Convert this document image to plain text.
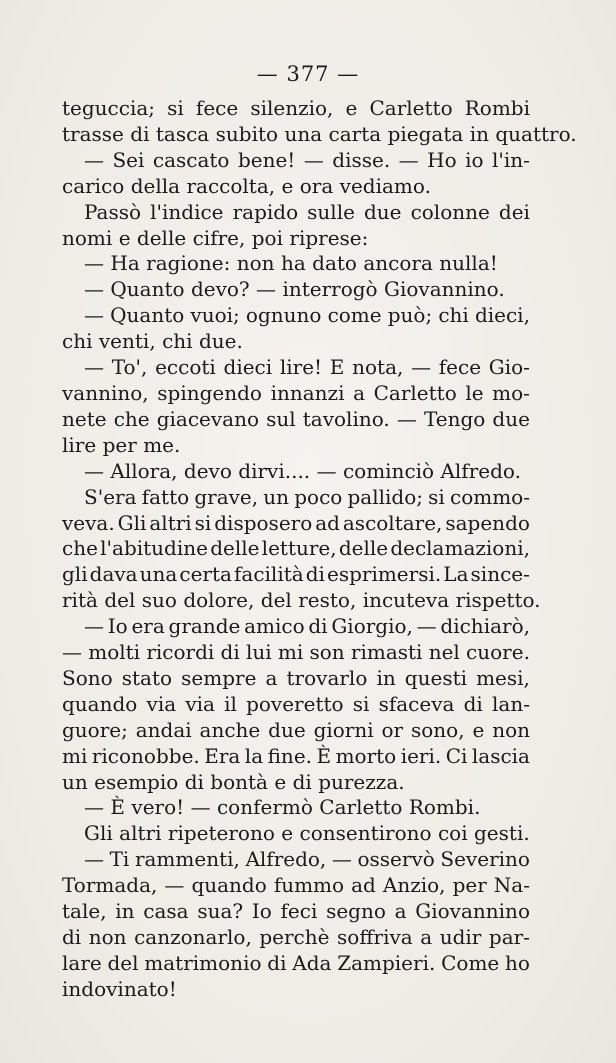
— 377 —
teguccia; si fece silenzio, e Carletto Rombi
trasse di tasca subito una carta piegata in quattro.
— Sei cascato bene! — disse. — Ho io l'in-
carico della raccolta, e ora vediamo.
Passò l'indice rapido sulle due colonne dei
nomi e delle cifre, poi riprese:
— Ha ragione: non ha dato ancora nulla!
— Quanto devo? — interrogò Giovannino.
— Quanto vuoi; ognuno come può; chi dieci,
chi venti, chi due.
— To', eccoti dieci lire! E nota, — fece Gio-
vannino, spingendo innanzi a Carletto le mo-
nete che giacevano sul tavolino. — Tengo due
lire per me.
— Allora, devo dirvi.... — cominciò Alfredo.
S'era fatto grave, un poco pallido; si commo-
veva. Gli altri si disposero ad ascoltare, sapendo
che l'abitudine delle letture, delle declamazioni,
gli dava una certa facilità di esprimersi. La since-
rità del suo dolore, del resto, incuteva rispetto.
— Io era grande amico di Giorgio, — dichiarò,
— molti ricordi di lui mi son rimasti nel cuore.
Sono stato sempre a trovarlo in questi mesi,
quando via via il poveretto si sfaceva di lan-
guore; andai anche due giorni or sono, e non
mi riconobbe. Era la fine. È morto ieri. Ci lascia
un esempio di bontà e di purezza.
— È vero! — confermò Carletto Rombi.
Gli altri ripeterono e consentirono coi gesti.
— Ti rammenti, Alfredo, — osservò Severino
Tormada, — quando fummo ad Anzio, per Na-
tale, in casa sua? Io feci segno a Giovannino
di non canzonarlo, perchè soffriva a udir par-
lare del matrimonio di Ada Zampieri. Come ho
indovinato!
